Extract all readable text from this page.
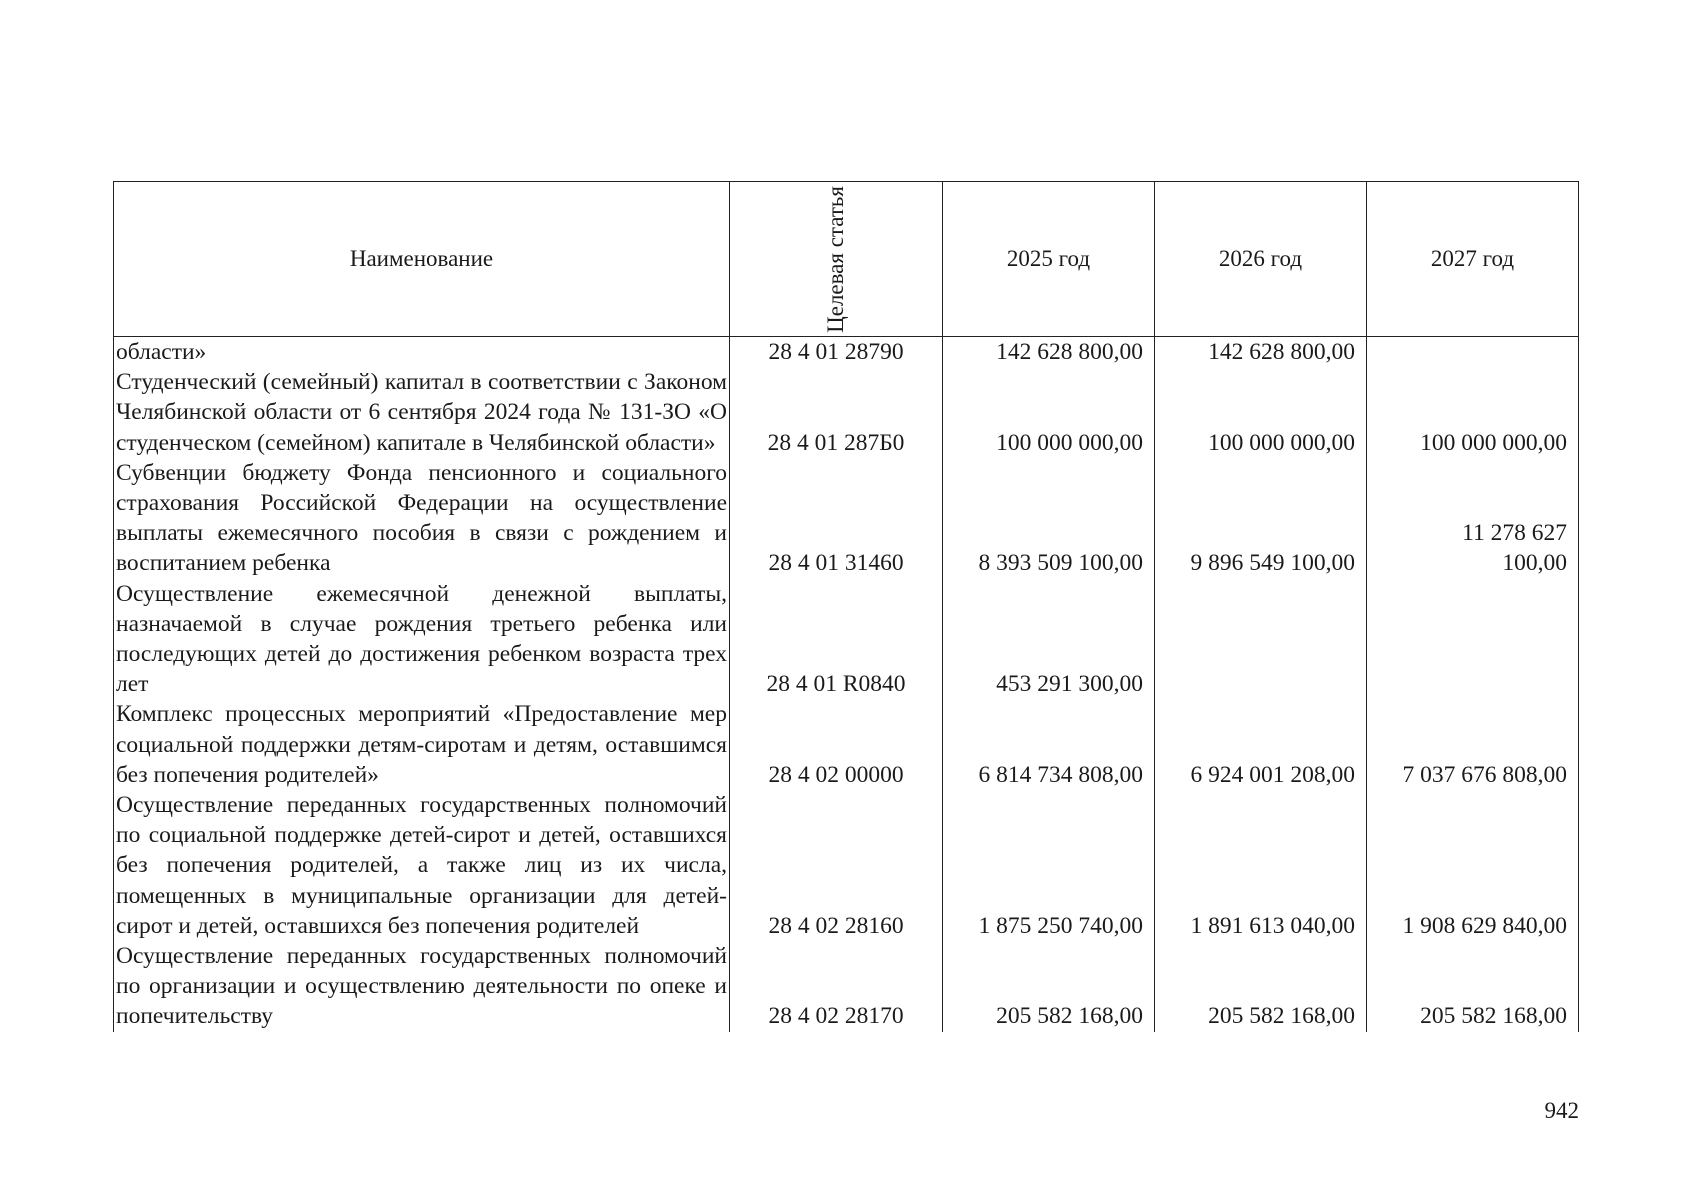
Наименование	Целевая статья	2025 год	2026 год	2027 год
области»	28 4 01 28790	142 628 800,00	142 628 800,00	
Студенческий (семейный) капитал в соответствии с Законом Челябинской области от 6 сентября 2024 года № 131-ЗО «О студенческом (семейном) капитале в Челябинской области»	28 4 01 287Б0	100 000 000,00	100 000 000,00	100 000 000,00
Субвенции бюджету Фонда пенсионного и социального страхования Российской Федерации на осуществление выплаты ежемесячного пособия в связи с рождением и воспитанием ребенка	28 4 01 31460	8 393 509 100,00	9 896 549 100,00	11 278 627 100,00
Осуществление ежемесячной денежной выплаты, назначаемой в случае рождения третьего ребенка или последующих детей до достижения ребенком возраста трех лет	28 4 01 R0840	453 291 300,00		
Комплекс процессных мероприятий «Предоставление мер социальной поддержки детям-сиротам и детям, оставшимся без попечения родителей»	28 4 02 00000	6 814 734 808,00	6 924 001 208,00	7 037 676 808,00
Осуществление переданных государственных полномочий по социальной поддержке детей-сирот и детей, оставшихся без попечения родителей, а также лиц из их числа, помещенных в муниципальные организации для детей-сирот и детей, оставшихся без попечения родителей	28 4 02 28160	1 875 250 740,00	1 891 613 040,00	1 908 629 840,00
Осуществление переданных государственных полномочий по организации и осуществлению деятельности по опеке и попечительству	28 4 02 28170	205 582 168,00	205 582 168,00	205 582 168,00
942
